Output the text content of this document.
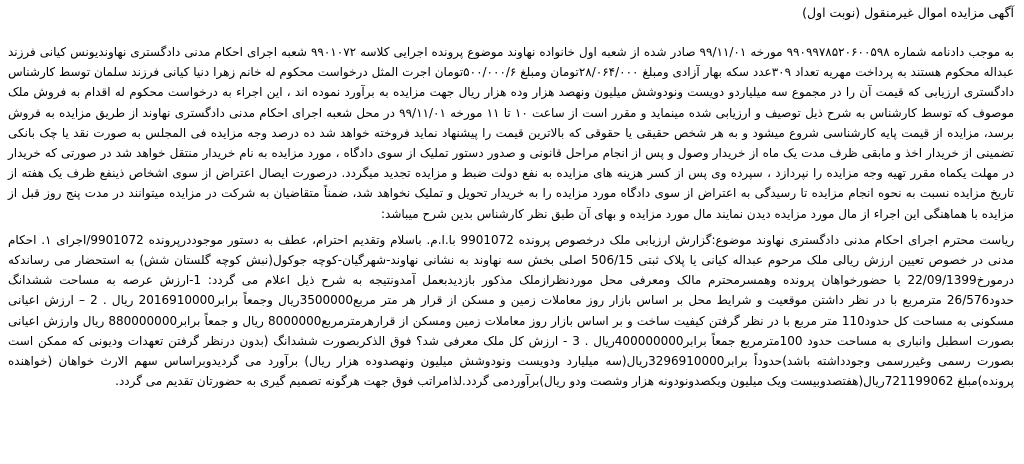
آگهی مزایده اموال غیرمنقول (نوبت اول)

به موجب دادنامه شماره ۹۹۰۹۹۷۸۵۲۰۶۰۰۵۹۸ مورخه ۹۹/۱۱/۰۱ صادر شده از شعبه اول خانواده نهاوند موضوع پرونده اجرایی کلاسه ۹۹۰۱۰۷۲ شعبه اجرای احکام مدنی دادگستری نهاوندیونس کیانی فرزند عبداله محکوم هستند به پرداخت مهریه تعداد ۳۰۹عدد سکه بهار آزادی ومبلغ ۲۸/۰۶۴/۰۰۰تومان ومبلغ ۵۰۰/۰۰۰/۶تومان اجرت المثل درخواست محکوم له خانم زهرا دنیا کیانی فرزند سلمان توسط کارشناس دادگستری ارزیابی که قیمت آن را در مجموع سه میلیاردو دویست ونودوشش میلیون ونهصد هزار وده هزار ریال جهت مزایده به برآورد نموده اند ، این اجراء به درخواست محکوم له اقدام به فروش ملک موصوف که توسط کارشناس به شرح ذیل توصیف و ارزیابی شده مینماید و مقرر است از ساعت ۱۰ تا ۱۱ مورخه ۹۹/۱۱/۰۱ در محل شعبه اجرای احکام مدنی دادگستری نهاوند از طریق مزایده به فروش برسد، مزایده از قیمت پایه کارشناسی شروع میشود و به هر شخص حقیقی یا حقوقی که بالاترین قیمت را پیشنهاد نماید فروخته خواهد شد ده درصد وجه مزایده فی المجلس به صورت نقد یا چک بانکی تضمینی از خریدار اخذ و مابقی ظرف مدت یک ماه از خریدار وصول و پس از انجام مراحل قانونی و صدور دستور تملیک از سوی دادگاه ، مورد مزایده به نام خریدار منتقل خواهد شد در صورتی که خریدار در مهلت یکماه مقرر تهیه وجه مزایده را نپردازد ، سپرده وی پس از کسر هزینه های مزایده به نفع دولت ضبط و مزایده تجدید میگردد. درصورت ایصال اعتراض از سوی اشخاص ذینفع ظرف یک هفته از تاریخ مزایده نسبت به نحوه انجام مزایده تا رسیدگی به اعتراض از سوی دادگاه مورد مزایده را به خریدار تحویل و تملیک نخواهد شد، ضمناً متقاضیان به شرکت در مزایده میتوانند در مدت پنج روز قبل از مزایده با هماهنگی این اجراء از مال مورد مزایده دیدن نمایند مال مورد مزایده و بهای آن طبق نظر کارشناس بدین شرح میباشد:

ریاست محترم اجرای احکام مدنی دادگستری نهاوند موضوع:گزارش ارزیابی ملک درخصوص پرونده 9901072 با.ا.م. باسلام وتقدیم احترام، عطف به دستور موجوددرپرونده 9901072/اجرای ۱. احکام مدنی در خصوص تعیین ارزش ریالی ملک مرحوم عبداله کیانی یا پلاک ثبتی 506/15 اصلی بخش سه نهاوند به نشانی نهاوند-شهرگیان-کوچه جوکول(نبش کوچه گلستان شش) به استحضار می رساندکه درمورخ22/09/1399 با حضورخواهان پرونده وهمسرمحترم مالک ومعرفی محل موردنظرازملک مذکور بازدیدبعمل آمدونتیجه به شرح ذیل اعلام می گردد: 1-ارزش عرصه به مساحت ششدانگ حدود26/576 مترمربع با در نظر داشتن موقعیت و شرایط محل بر اساس بازار روز معاملات زمین و مسکن از قرار هر متر مربع3500000ریال وجمعاً برابر2016910000 ریال . 2 – ارزش اعیانی مسکونی به مساحت کل حدود110 متر مربع با در نظر گرفتن کیفیت ساخت و بر اساس بازار روز معاملات زمین ومسکن از قرارهرمترمربع8000000 ریال و جمعاً برابر880000000 ریال وارزش اعیانی بصورت اسطبل وانباری به مساحت حدود 100مترمربع جمعاً برابر400000000ریال . 3 - ارزش کل ملک معرفی شد؟ فوق الذکربصورت ششدانگ (بدون درنظر گرفتن تعهدات ودیونی که ممکن است بصورت رسمی وغیررسمی وجودداشته باشد)حدوداً برابر3296910000ریال(سه میلیارد ودویست ونودوشش میلیون ونهصدوده هزار ریال) برآورد می گردیدوبراساس سهم الارث خواهان (خواهنده پرونده)مبلغ 721199062ریال(هفتصدوبیست ویک میلیون ویکصدونودونه هزار وشصت ودو ریال)برآوردمی گردد.لذامراتب فوق جهت هرگونه تصمیم گیری به حضورتان تقدیم می گردد.
